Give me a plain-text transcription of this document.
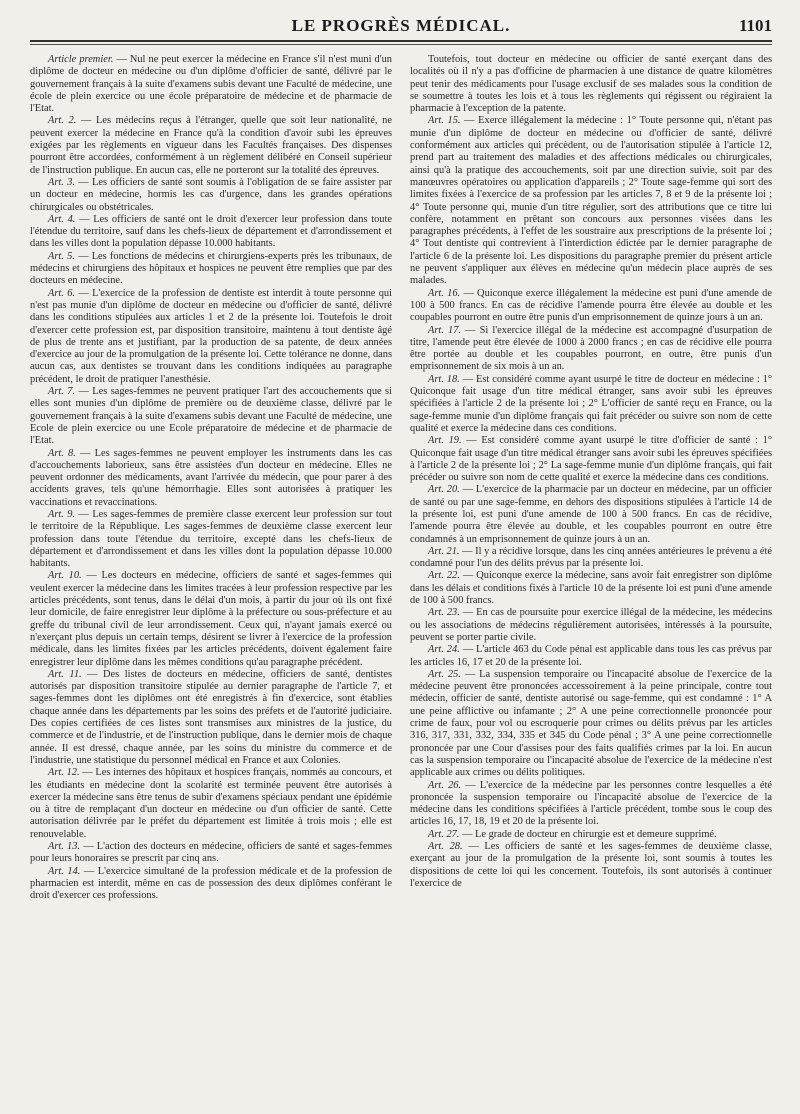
LE PROGRÈS MÉDICAL.	1101

Article premier. — Nul ne peut exercer la médecine en France s'il n'est muni d'un diplôme de docteur en médecine ou d'un diplôme d'officier de santé, délivré par le gouvernement français à la suite d'examens subis devant une Faculté de médecine, une école de plein exercice ou une école préparatoire de médecine et de pharmacie de l'Etat.

Art. 2. — Les médecins reçus à l'étranger, quelle que soit leur nationalité, ne peuvent exercer la médecine en France qu'à la condition d'avoir subi les épreuves exigées par les règlements en vigueur dans les Facultés françaises. Des dispenses pourront être accordées, conformément à un règlement délibéré en Conseil supérieur de l'instruction publique. En aucun cas, elle ne porteront sur la totalité des épreuves.

Art. 3. — Les officiers de santé sont soumis à l'obligation de se faire assister par un docteur en médecine, hormis les cas d'urgence, dans les grandes opérations chirurgicales ou obstétricales.

Art. 4. — Les officiers de santé ont le droit d'exercer leur profession dans toute l'étendue du territoire, sauf dans les chefs-lieux de département et d'arrondissement et dans les villes dont la population dépasse 10.000 habitants.

Art. 5. — Les fonctions de médecins et chirurgiens-experts près les tribunaux, de médecins et chirurgiens des hôpitaux et hospices ne peuvent être remplies que par des docteurs en médecine.

Art. 6. — L'exercice de la profession de dentiste est interdit à toute personne qui n'est pas munie d'un diplôme de docteur en médecine ou d'officier de santé, délivré dans les conditions stipulées aux articles 1 et 2 de la présente loi. Toutefois le droit d'exercer cette profession est, par disposition transitoire, maintenu à tout dentiste âgé de plus de trente ans et justifiant, par la production de sa patente, de deux années d'exercice au jour de la promulgation de la présente loi. Cette tolérance ne donne, dans aucun cas, aux dentistes se trouvant dans les conditions indiquées au paragraphe précédent, le droit de pratiquer l'anesthésie.

Art. 7. — Les sages-femmes ne peuvent pratiquer l'art des accouchements que si elles sont munies d'un diplôme de première ou de deuxième classe, délivré par le gouvernement français à la suite d'examens subis devant une Faculté de médecine, une Ecole de plein exercice ou une Ecole préparatoire de médecine et de pharmacie de l'Etat.

Art. 8. — Les sages-femmes ne peuvent employer les instruments dans les cas d'accouchements laborieux, sans être assistées d'un docteur en médecine. Elles ne peuvent ordonner des médicaments, avant l'arrivée du médecin, que pour parer à des accidents graves, tels qu'une hémorrhagie. Elles sont autorisées à pratiquer les vaccinations et revaccinations.

Art. 9. — Les sages-femmes de première classe exercent leur profession sur tout le territoire de la République. Les sages-femmes de deuxième classe exercent leur profession dans toute l'étendue du territoire, excepté dans les chefs-lieux de département et d'arrondissement et dans les villes dont la population dépasse 10.000 habitants.

Art. 10. — Les docteurs en médecine, officiers de santé et sages-femmes qui veulent exercer la médecine dans les limites tracées à leur profession respective par les articles précédents, sont tenus, dans le délai d'un mois, à partir du jour où ils ont fixé leur domicile, de faire enregistrer leur diplôme à la préfecture ou sous-préfecture et au greffe du tribunal civil de leur arrondissement. Ceux qui, n'ayant jamais exercé ou n'exerçant plus depuis un certain temps, désirent se livrer à l'exercice de la profession médicale, dans les limites fixées par les articles précédents, doivent également faire enregistrer leur diplôme dans les mêmes conditions qu'au paragraphe précédent.

Art. 11. — Des listes de docteurs en médecine, officiers de santé, dentistes autorisés par disposition transitoire stipulée au dernier paragraphe de l'article 7, et sages-femmes dont les diplômes ont été enregistrés à fin d'exercice, sont établies chaque année dans les départements par les soins des préfets et de l'autorité judiciaire. Des copies certifiées de ces listes sont transmises aux ministres de la justice, du commerce et de l'industrie, et de l'instruction publique, dans le dernier mois de chaque année. Il est dressé, chaque année, par les soins du ministre du commerce et de l'industrie, une statistique du personnel médical en France et aux Colonies.

Art. 12. — Les internes des hôpitaux et hospices français, nommés au concours, et les étudiants en médecine dont la scolarité est terminée peuvent être autorisés à exercer la médecine sans être tenus de subir d'examens spéciaux pendant une épidémie ou à titre de remplaçant d'un docteur en médecine ou d'un officier de santé. Cette autorisation délivrée par le préfet du département est limitée à trois mois ; elle est renouvelable.

Art. 13. — L'action des docteurs en médecine, officiers de santé et sages-femmes pour leurs honoraires se prescrit par cinq ans.

Art. 14. — L'exercice simultané de la profession médicale et de la profession de pharmacien est interdit, même en cas de possession des deux diplômes conférant le droit d'exercer ces professions.

Toutefois, tout docteur en médecine ou officier de santé exerçant dans des localités où il n'y a pas d'officine de pharmacien à une distance de quatre kilomètres peut tenir des médicaments pour l'usage exclusif de ses malades sous la condition de se soumettre à toutes les lois et à tous les règlements qui régissent ou régiraient la pharmacie à l'exception de la patente.

Art. 15. — Exerce illégalement la médecine : 1° Toute personne qui, n'étant pas munie d'un diplôme de docteur en médecine ou d'officier de santé, délivré conformément aux articles qui précèdent, ou de l'autorisation stipulée à l'article 12, prend part au traitement des maladies et des affections médicales ou chirurgicales, ainsi qu'à la pratique des accouchements, soit par une direction suivie, soit par des manœuvres opératoires ou application d'appareils ; 2° Toute sage-femme qui sort des limites fixées à l'exercice de sa profession par les articles 7, 8 et 9 de la présente loi ; 4° Toute personne qui, munie d'un titre régulier, sort des attributions que ce titre lui confère, notamment en prêtant son concours aux personnes visées dans les paragraphes précédents, à l'effet de les soustraire aux prescriptions de la présente loi ; 4° Tout dentiste qui contrevient à l'interdiction édictée par le dernier paragraphe de l'article 6 de la présente loi. Les dispositions du paragraphe premier du présent article ne peuvent s'appliquer aux élèves en médecine qu'un médecin place auprès de ses malades.

Art. 16. — Quiconque exerce illégalement la médecine est puni d'une amende de 100 à 500 francs. En cas de récidive l'amende pourra être élevée au double et les coupables pourront en outre être punis d'un emprisonnement de quinze jours à un an.

Art. 17. — Si l'exercice illégal de la médecine est accompagné d'usurpation de titre, l'amende peut être élevée de 1000 à 2000 francs ; en cas de récidive elle pourra être portée au double et les coupables pourront, en outre, être punis d'un emprisonnement de six mois à un an.

Art. 18. — Est considéré comme ayant usurpé le titre de docteur en médecine : 1° Quiconque fait usage d'un titre médical étranger, sans avoir subi les épreuves spécifiées à l'article 2 de la présente loi ; 2° L'officier de santé reçu en France, ou la sage-femme munie d'un diplôme français qui fait précéder ou suivre son nom de cette qualité et exerce la médecine dans ces conditions.

Art. 19. — Est considéré comme ayant usurpé le titre d'officier de santé : 1° Quiconque fait usage d'un titre médical étranger sans avoir subi les épreuves spécifiées à l'article 2 de la présente loi ; 2° La sage-femme munie d'un diplôme français, qui fait précéder ou suivre son nom de cette qualité et exerce la médecine dans ces conditions.

Art. 20. — L'exercice de la pharmacie par un docteur en médecine, par un officier de santé ou par une sage-femme, en dehors des dispositions stipulées à l'article 14 de la présente loi, est puni d'une amende de 100 à 500 francs. En cas de récidive, l'amende pourra être élevée au double, et les coupables pourront en outre être condamnés à un emprisonnement de quinze jours à un an.

Art. 21. — Il y a récidive lorsque, dans les cinq années antérieures le prévenu a été condamné pour l'un des délits prévus par la présente loi.

Art. 22. — Quiconque exerce la médecine, sans avoir fait enregistrer son diplôme dans les délais et conditions fixés à l'article 10 de la présente loi est puni d'une amende de 100 à 500 francs.

Art. 23. — En cas de poursuite pour exercice illégal de la médecine, les médecins ou les associations de médecins régulièrement autorisées, intéressés à la poursuite, peuvent se porter partie civile.

Art. 24. — L'article 463 du Code pénal est applicable dans tous les cas prévus par les articles 16, 17 et 20 de la présente loi.

Art. 25. — La suspension temporaire ou l'incapacité absolue de l'exercice de la médecine peuvent être prononcées accessoirement à la peine principale, contre tout médecin, officier de santé, dentiste autorisé ou sage-femme, qui est condamné : 1° A une peine afflictive ou infamante ; 2° A une peine correctionnelle prononcée pour crime de faux, pour vol ou escroquerie pour crimes ou délits prévus par les articles 316, 317, 331, 332, 334, 335 et 345 du Code pénal ; 3° A une peine correctionnelle prononcée par une Cour d'assises pour des faits qualifiés crimes par la loi. En aucun cas la suspension temporaire ou l'incapacité absolue de l'exercice de la médecine n'est applicable aux crimes ou délits politiques.

Art. 26. — L'exercice de la médecine par les personnes contre lesquelles a été prononcée la suspension temporaire ou l'incapacité absolue de l'exercice de la médecine dans les conditions spécifiées à l'article précédent, tombe sous le coup des articles 16, 17, 18, 19 et 20 de la présente loi.

Art. 27. — Le grade de docteur en chirurgie est et demeure supprimé.

Art. 28. — Les officiers de santé et les sages-femmes de deuxième classe, exerçant au jour de la promulgation de la présente loi, sont soumis à toutes les dispositions de cette loi qui les concernent. Toutefois, ils sont autorisés à continuer l'exercice de
